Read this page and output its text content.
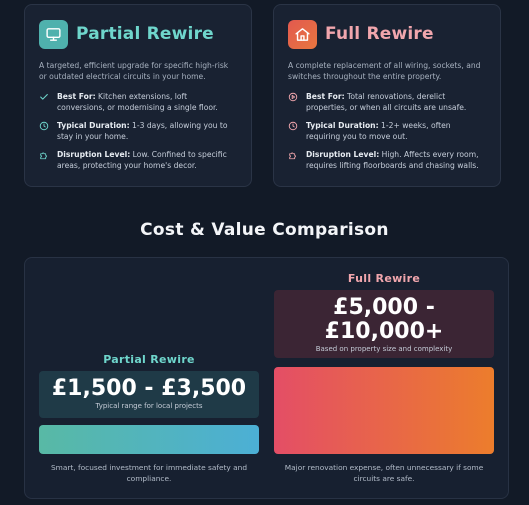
Partial Rewire
A targeted, efficient upgrade for specific high-risk or outdated electrical circuits in your home.
Best For: Kitchen extensions, loft conversions, or modernising a single floor.
Typical Duration: 1-3 days, allowing you to stay in your home.
Disruption Level: Low. Confined to specific areas, protecting your home's decor.
Full Rewire
A complete replacement of all wiring, sockets, and switches throughout the entire property.
Best For: Total renovations, derelict properties, or when all circuits are unsafe.
Typical Duration: 1-2+ weeks, often requiring you to move out.
Disruption Level: High. Affects every room, requires lifting floorboards and chasing walls.
Cost & Value Comparison
Partial Rewire
£1,500 - £3,500
Typical range for local projects
Smart, focused investment for immediate safety and compliance.
Full Rewire
£5,000 -
£10,000+
Based on property size and complexity
Major renovation expense, often unnecessary if some circuits are safe.
